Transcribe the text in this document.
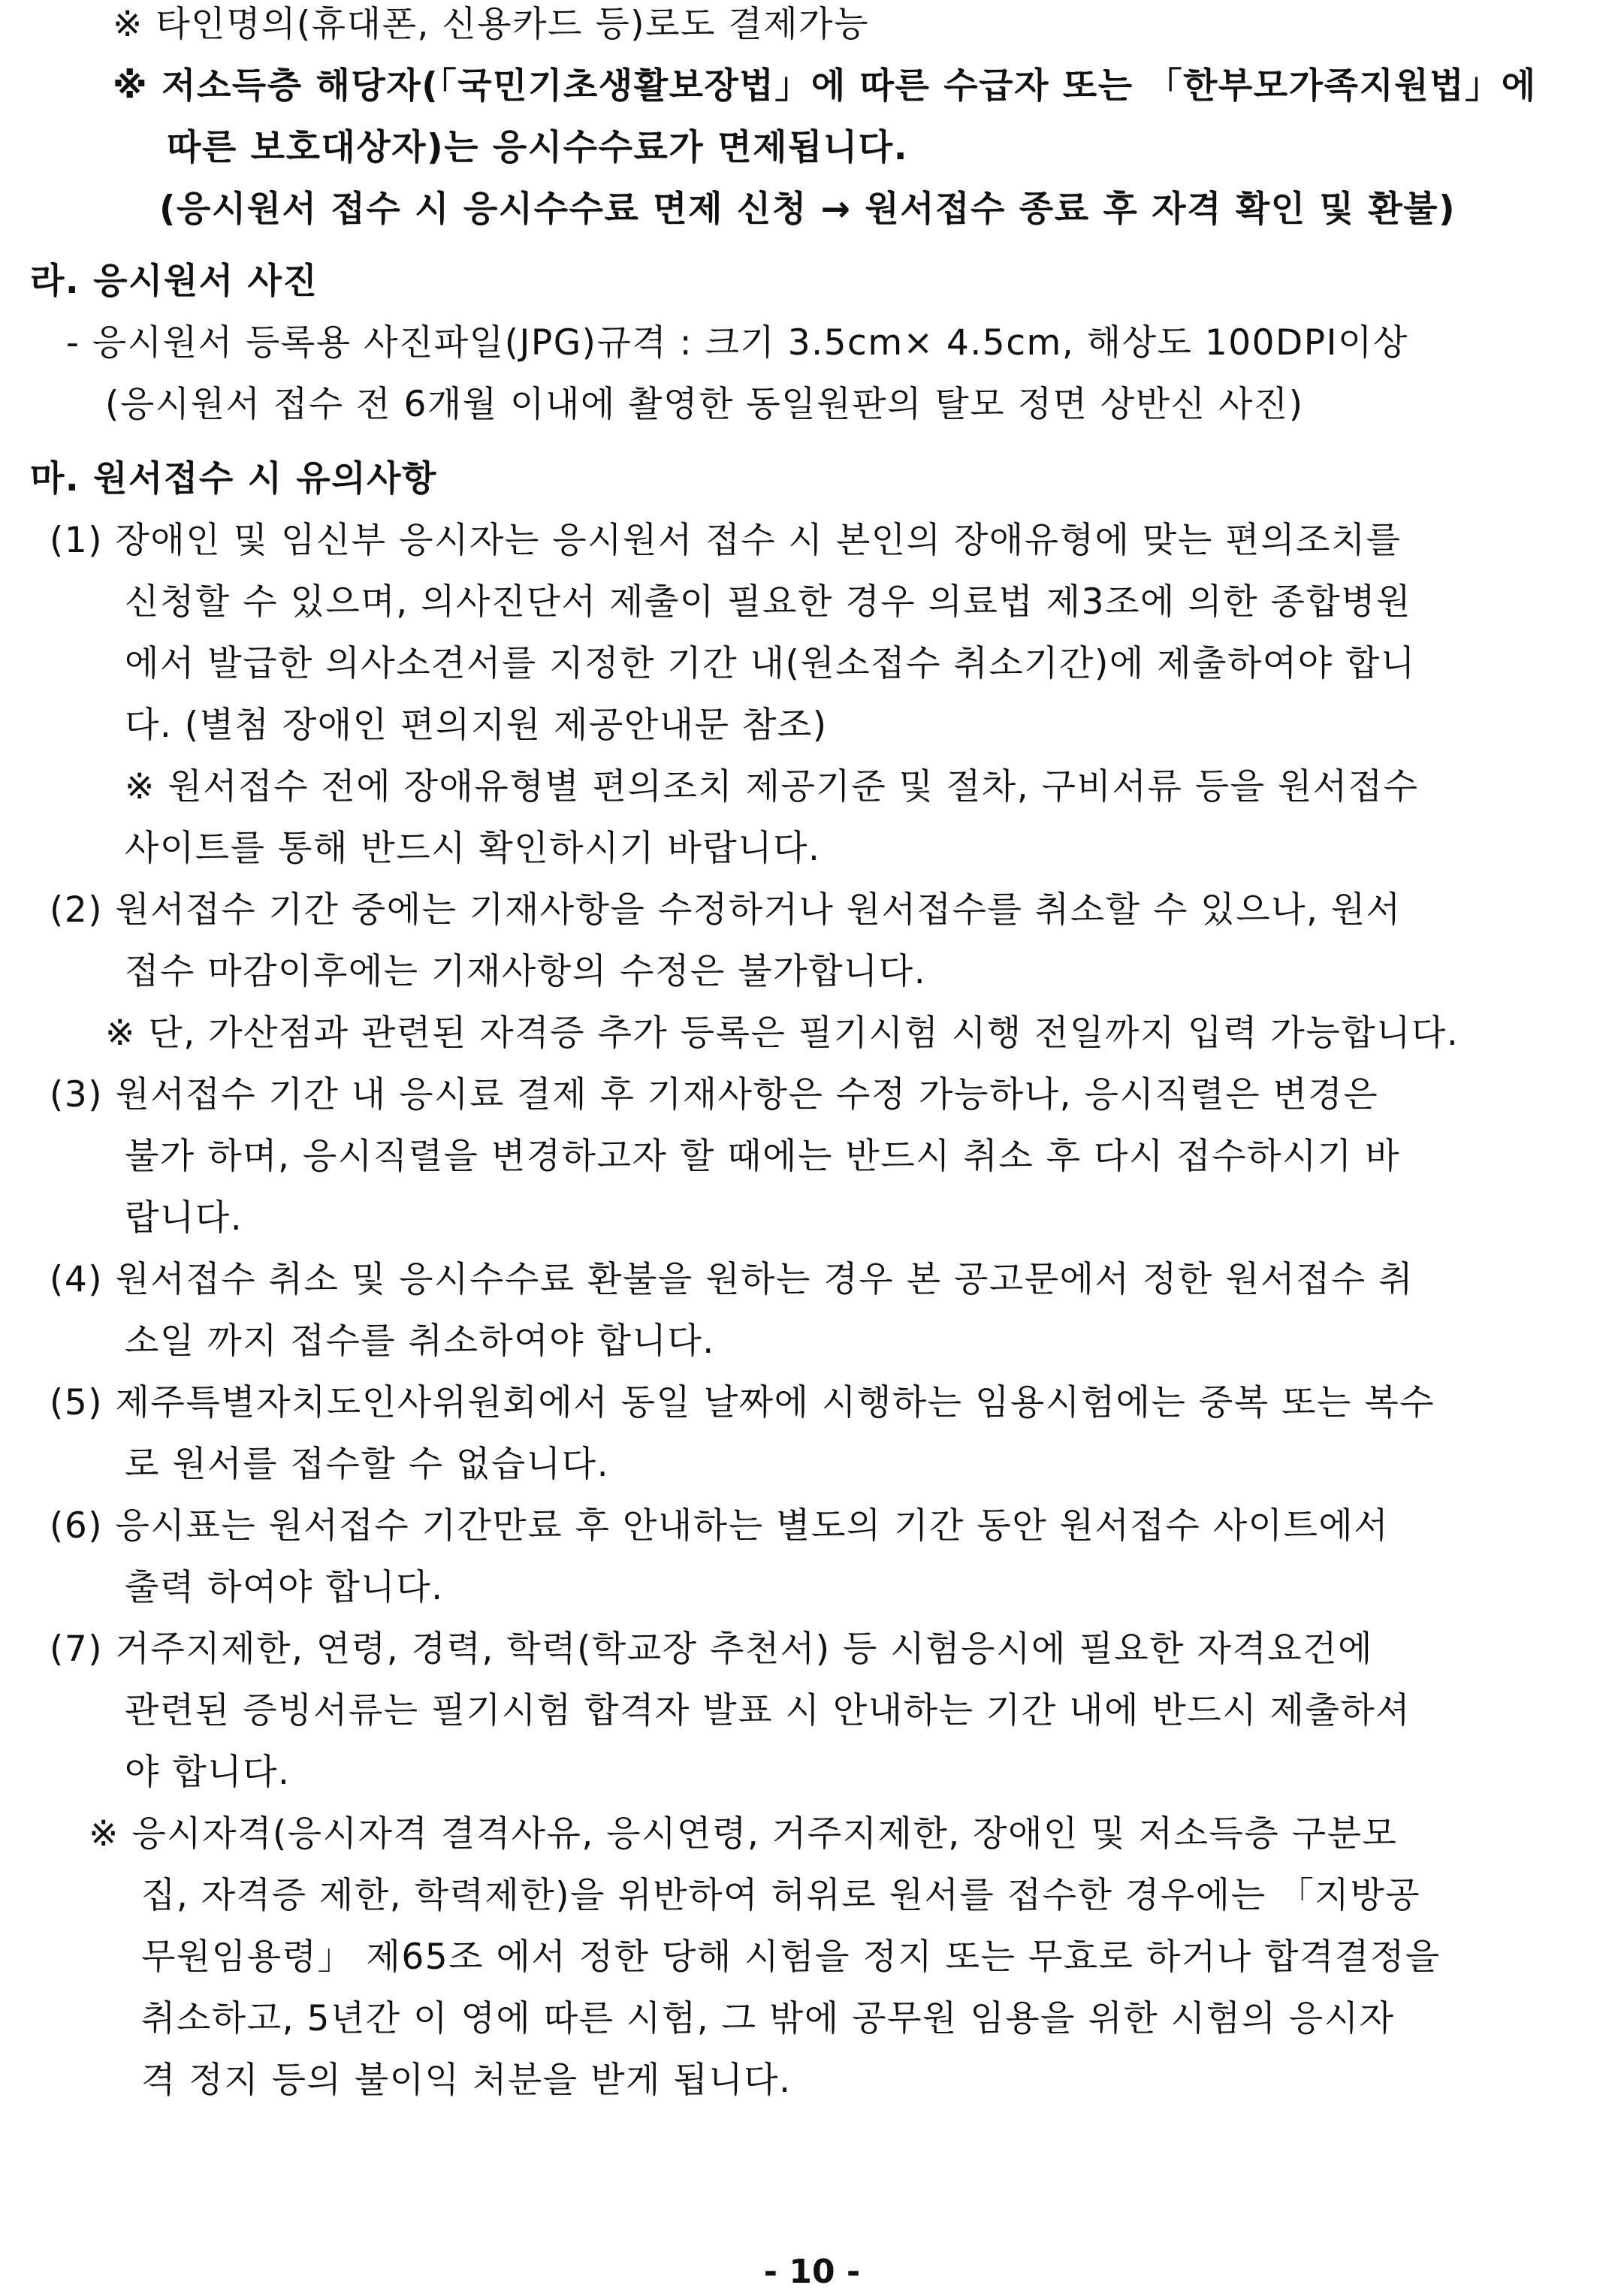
※ 타인명의(휴대폰, 신용카드 등)로도 결제가능
※ 저소득층 해당자(「국민기초생활보장법」에 따른 수급자 또는 「한부모가족지원법」에
따른 보호대상자)는 응시수수료가 면제됩니다.
(응시원서 접수 시 응시수수료 면제 신청 → 원서접수 종료 후 자격 확인 및 환불)
라. 응시원서 사진
- 응시원서 등록용 사진파일(JPG)규격 : 크기 3.5cm× 4.5cm, 해상도 100DPI이상
(응시원서 접수 전 6개월 이내에 촬영한 동일원판의 탈모 정면 상반신 사진)
마. 원서접수 시 유의사항
(1) 장애인 및 임신부 응시자는 응시원서 접수 시 본인의 장애유형에 맞는 편의조치를
신청할 수 있으며, 의사진단서 제출이 필요한 경우 의료법 제3조에 의한 종합병원
에서 발급한 의사소견서를 지정한 기간 내(원소접수 취소기간)에 제출하여야 합니
다. (별첨 장애인 편의지원 제공안내문 참조)
※ 원서접수 전에 장애유형별 편의조치 제공기준 및 절차, 구비서류 등을 원서접수
사이트를 통해 반드시 확인하시기 바랍니다.
(2) 원서접수 기간 중에는 기재사항을 수정하거나 원서접수를 취소할 수 있으나, 원서
접수 마감이후에는 기재사항의 수정은 불가합니다.
※ 단, 가산점과 관련된 자격증 추가 등록은 필기시험 시행 전일까지 입력 가능합니다.
(3) 원서접수 기간 내 응시료 결제 후 기재사항은 수정 가능하나, 응시직렬은 변경은
불가 하며, 응시직렬을 변경하고자 할 때에는 반드시 취소 후 다시 접수하시기 바
랍니다.
(4) 원서접수 취소 및 응시수수료 환불을 원하는 경우 본 공고문에서 정한 원서접수 취
소일 까지 접수를 취소하여야 합니다.
(5) 제주특별자치도인사위원회에서 동일 날짜에 시행하는 임용시험에는 중복 또는 복수
로 원서를 접수할 수 없습니다.
(6) 응시표는 원서접수 기간만료 후 안내하는 별도의 기간 동안 원서접수 사이트에서
출력 하여야 합니다.
(7) 거주지제한, 연령, 경력, 학력(학교장 추천서) 등 시험응시에 필요한 자격요건에
관련된 증빙서류는 필기시험 합격자 발표 시 안내하는 기간 내에 반드시 제출하셔
야 합니다.
※ 응시자격(응시자격 결격사유, 응시연령, 거주지제한, 장애인 및 저소득층 구분모
집, 자격증 제한, 학력제한)을 위반하여 허위로 원서를 접수한 경우에는 「지방공
무원임용령」 제65조 에서 정한 당해 시험을 정지 또는 무효로 하거나 합격결정을
취소하고, 5년간 이 영에 따른 시험, 그 밖에 공무원 임용을 위한 시험의 응시자
격 정지 등의 불이익 처분을 받게 됩니다.
- 10 -
